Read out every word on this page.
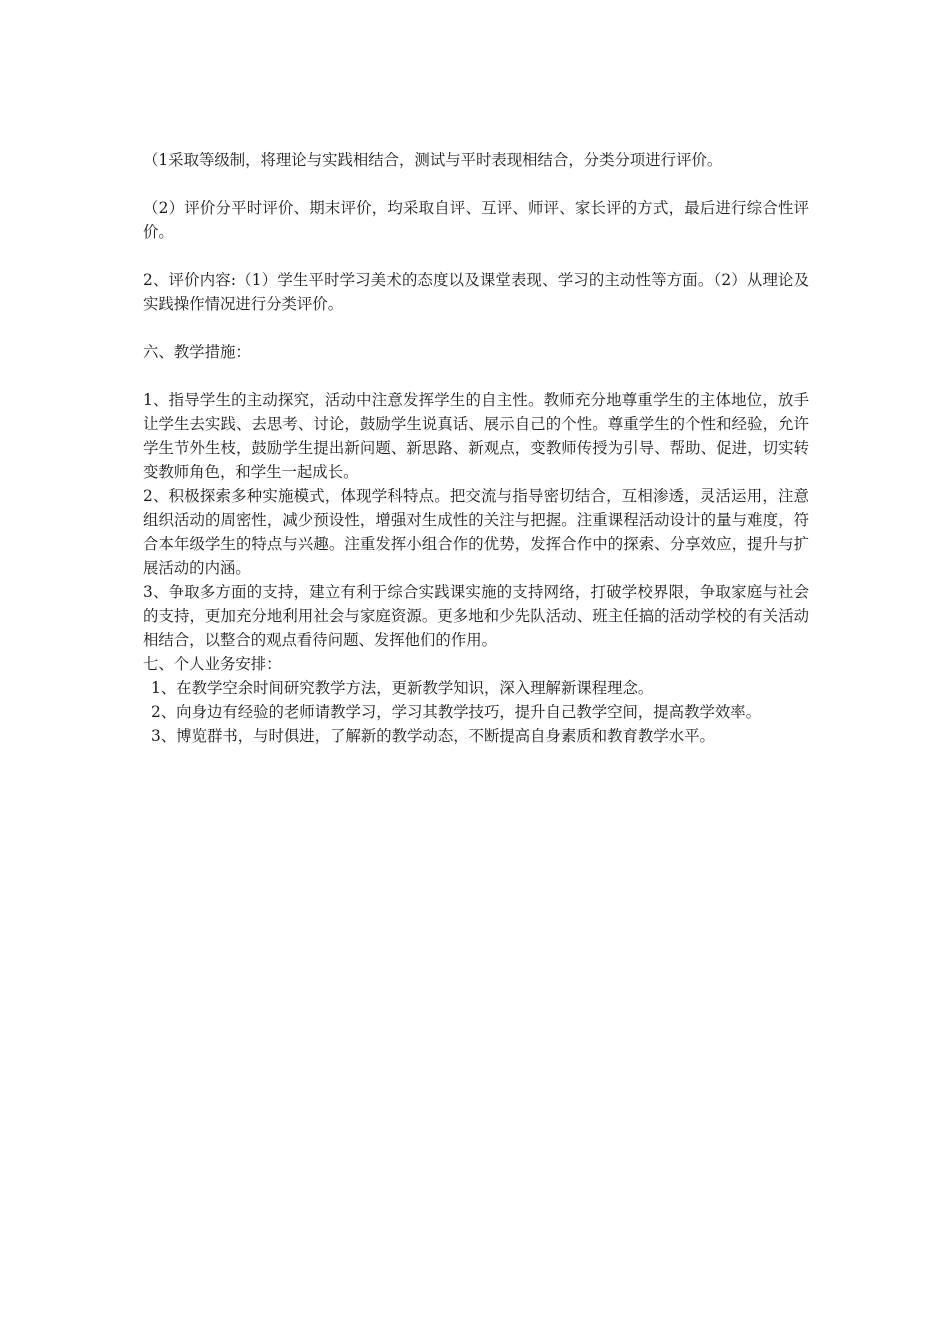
（1采取等级制，将理论与实践相结合，测试与平时表现相结合，分类分项进行评价。

（2）评价分平时评价、期末评价，均采取自评、互评、师评、家长评的方式，最后进行综合性评价。

2、评价内容:（1）学生平时学习美术的态度以及课堂表现、学习的主动性等方面。（2）从理论及实践操作情况进行分类评价。

六、教学措施：

1、指导学生的主动探究，活动中注意发挥学生的自主性。教师充分地尊重学生的主体地位，放手让学生去实践、去思考、讨论，鼓励学生说真话、展示自己的个性。尊重学生的个性和经验，允许学生节外生枝，鼓励学生提出新问题、新思路、新观点，变教师传授为引导、帮助、促进，切实转变教师角色，和学生一起成长。

2、积极探索多种实施模式，体现学科特点。把交流与指导密切结合，互相渗透，灵活运用，注意组织活动的周密性，减少预设性，增强对生成性的关注与把握。注重课程活动设计的量与难度，符合本年级学生的特点与兴趣。注重发挥小组合作的优势，发挥合作中的探索、分享效应，提升与扩展活动的内涵。

3、争取多方面的支持，建立有利于综合实践课实施的支持网络，打破学校界限，争取家庭与社会的支持，更加充分地利用社会与家庭资源。更多地和少先队活动、班主任搞的活动学校的有关活动相结合，以整合的观点看待问题、发挥他们的作用。

七、个人业务安排：

1、在教学空余时间研究教学方法，更新教学知识，深入理解新课程理念。

2、向身边有经验的老师请教学习，学习其教学技巧，提升自己教学空间，提高教学效率。

3、博览群书，与时俱进，了解新的教学动态，不断提高自身素质和教育教学水平。
